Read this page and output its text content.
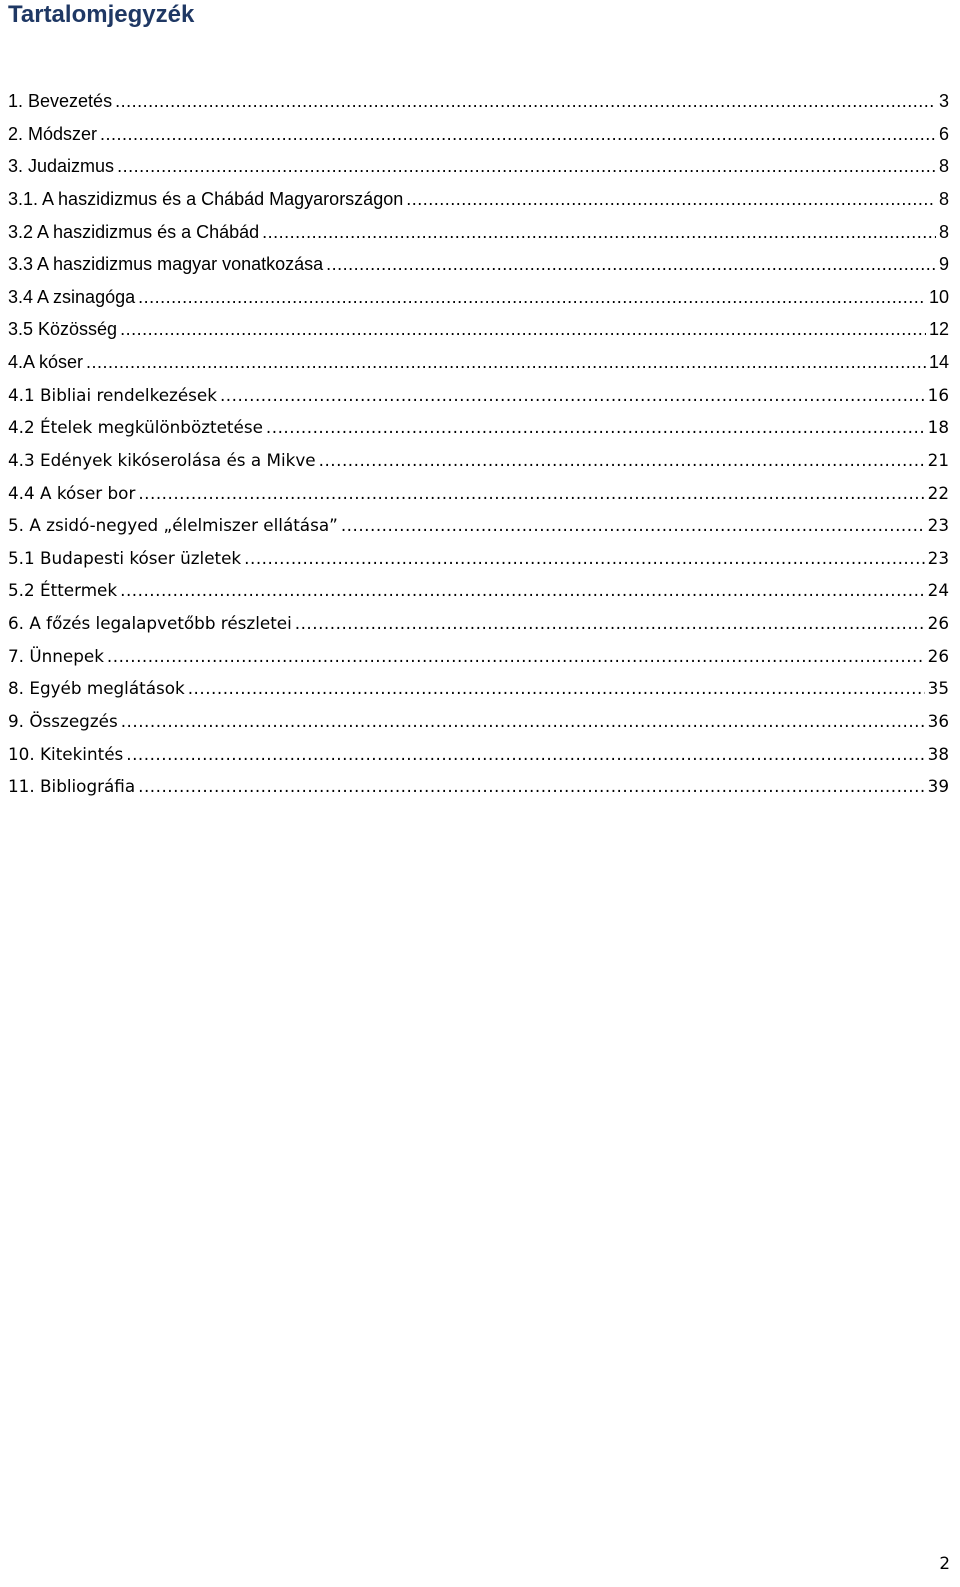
Tartalomjegyzék
1. Bevezetés .....	3
2. Módszer .....	6
3. Judaizmus .....	8
3.1. A haszidizmus és a Chábád Magyarországon .....	8
3.2 A haszidizmus és a Chábád .....	8
3.3 A haszidizmus magyar vonatkozása .....	9
3.4 A zsinagóga .....	10
3.5 Közösség .....	12
4.A kóser .....	14
4.1 Bibliai rendelkezések .....	16
4.2 Ételek megkülönböztetése .....	18
4.3 Edények kikóserolása és a Mikve .....	21
4.4 A kóser bor .....	22
5. A zsidó-negyed „élelmiszer ellátása” .....	23
5.1 Budapesti kóser üzletek .....	23
5.2 Éttermek .....	24
6. A főzés legalapvetőbb részletei .....	26
7. Ünnepek .....	26
8. Egyéb meglátások .....	35
9. Összegzés .....	36
10. Kitekintés .....	38
11. Bibliográfia .....	39
2
